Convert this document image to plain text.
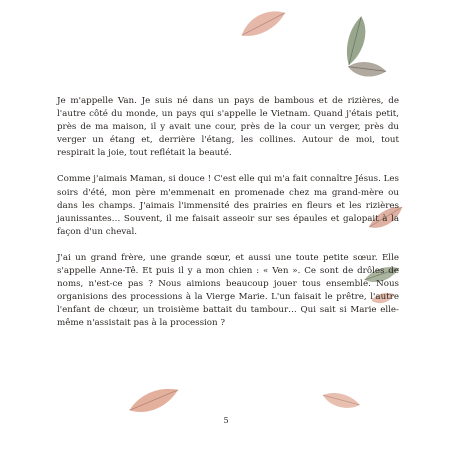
Je m'appelle Van. Je suis né dans un pays de bambous et de rizières, de l'autre côté du monde, un pays qui s'appelle le Vietnam. Quand j'étais petit, près de ma maison, il y avait une cour, près de la cour un verger, près du verger un étang et, derrière l'étang, les collines. Autour de moi, tout respirait la joie, tout reflétait la beauté.

Comme j'aimais Maman, si douce ! C'est elle qui m'a fait connaître Jésus. Les soirs d'été, mon père m'emmenait en promenade chez ma grand-mère ou dans les champs. J'aimais l'immensité des prairies en fleurs et les rizières jaunissantes… Souvent, il me faisait asseoir sur ses épaules et galopait à la façon d'un cheval.

J'ai un grand frère, une grande sœur, et aussi une toute petite sœur. Elle s'appelle Anne-Tê. Et puis il y a mon chien : « Ven ». Ce sont de drôles de noms, n'est-ce pas ? Nous aimions beaucoup jouer tous ensemble. Nous organisions des processions à la Vierge Marie. L'un faisait le prêtre, l'autre l'enfant de chœur, un troisième battait du tambour… Qui sait si Marie elle-même n'assistait pas à la procession ?

5
